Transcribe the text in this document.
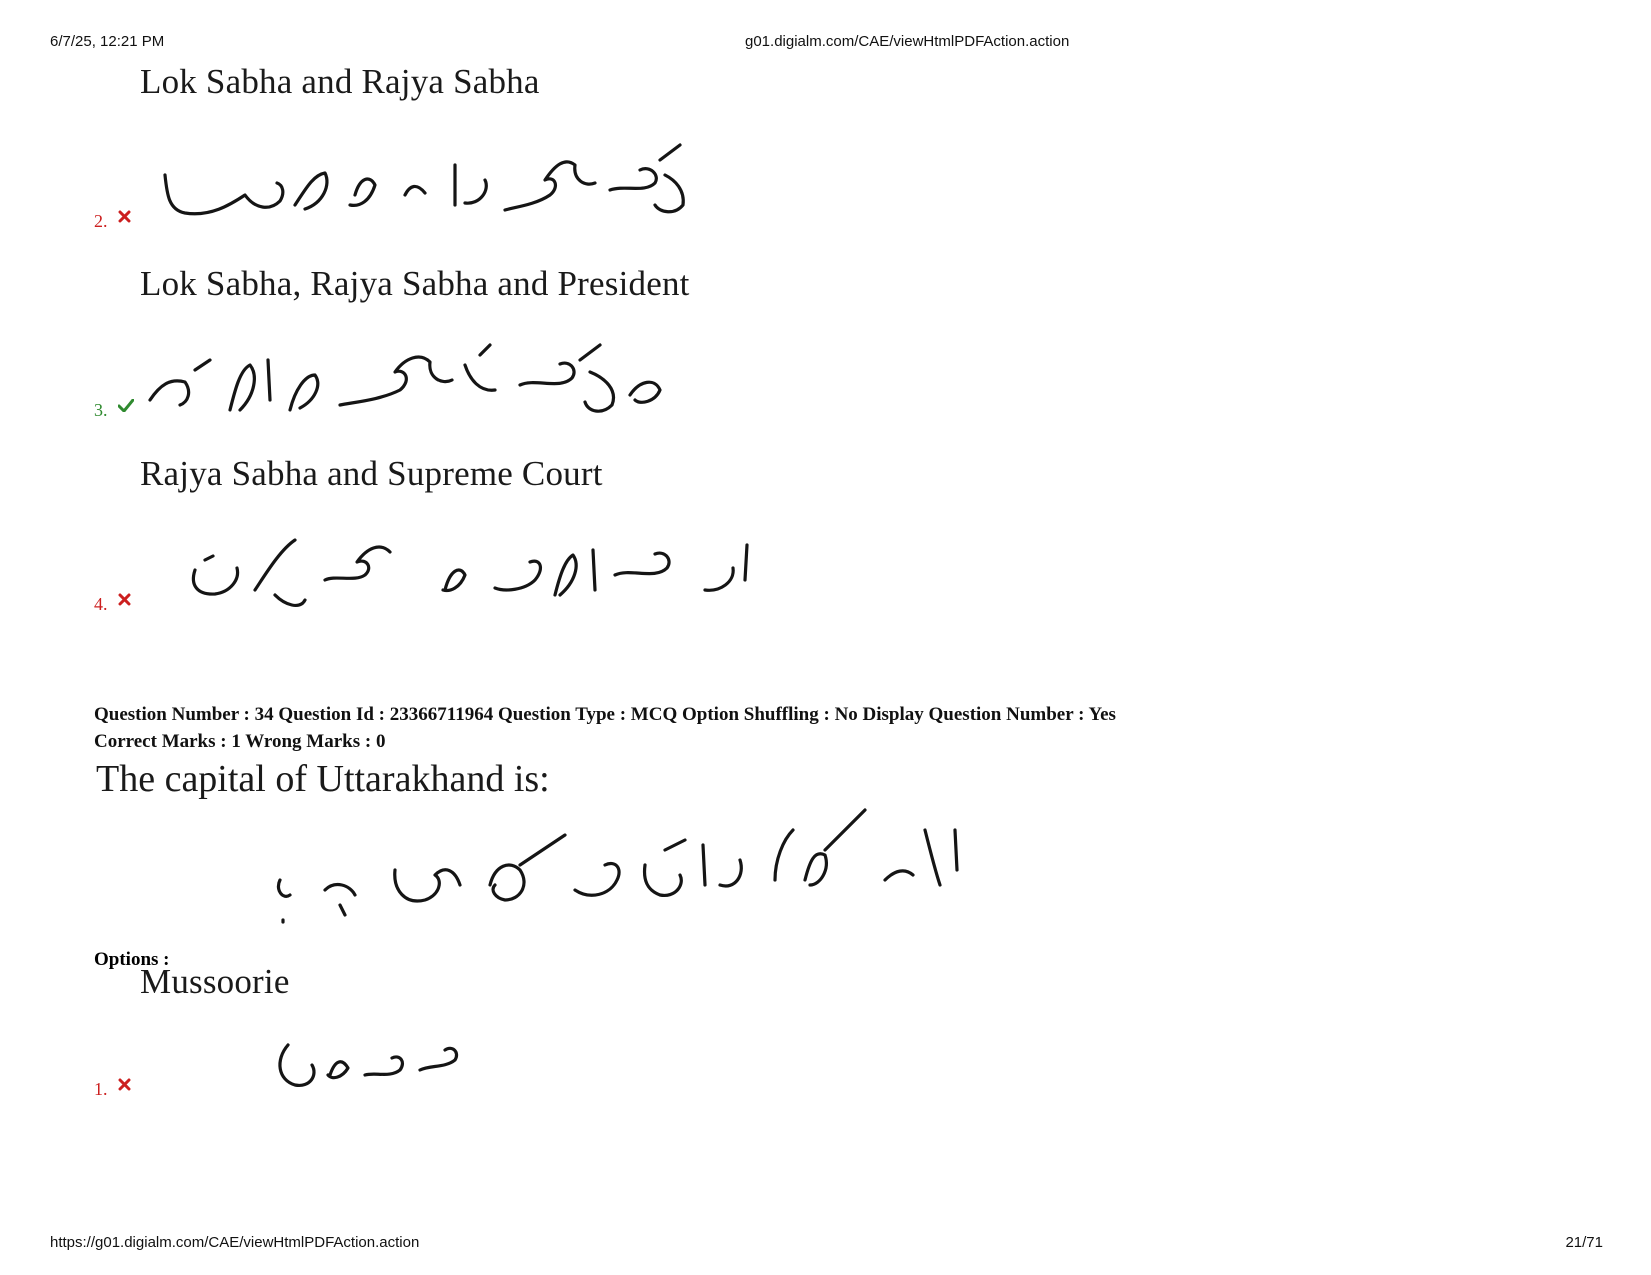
6/7/25, 12:21 PM	g01.digialm.com/CAE/viewHtmlPDFAction.action
Lok Sabha and Rajya Sabha
2.
Lok Sabha, Rajya Sabha and President
3.
Rajya Sabha and Supreme Court
4.
Question Number : 34 Question Id : 23366711964 Question Type : MCQ Option Shuffling : No Display Question Number : Yes
Correct Marks : 1 Wrong Marks : 0
The capital of Uttarakhand is:
Options :
Mussoorie
1.
https://g01.digialm.com/CAE/viewHtmlPDFAction.action	21/71
